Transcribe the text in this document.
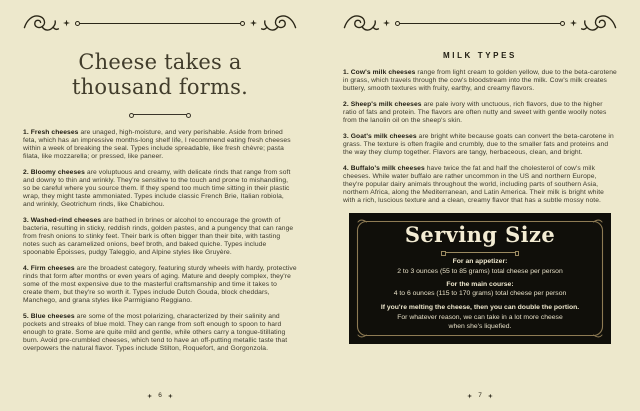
Cheese takes a
thousand forms.

1. Fresh cheeses are unaged, high-moisture, and very perishable. Aside from brined feta, which has an impressive months-long shelf life, I recommend eating fresh cheeses within a week of breaking the seal. Types include spreadable, like fresh chèvre; pasta filata, like mozzarella; or pressed, like paneer.

2. Bloomy cheeses are voluptuous and creamy, with delicate rinds that range from soft and downy to thin and wrinkly. They're sensitive to the touch and prone to mishandling, so be careful where you source them. If they spend too much time sitting in their plastic wrap, they might taste ammoniated. Types include classic French Brie, Italian robiola, and wrinkly, Geotrichum rinds, like Chabichou.

3. Washed-rind cheeses are bathed in brines or alcohol to encourage the growth of bacteria, resulting in sticky, reddish rinds, golden pastes, and a pungency that can range from fresh onions to stinky feet. Their bark is often bigger than their bite, with tasting notes such as caramelized onions, beef broth, and baked quiche. Types include spoonable Époisses, pudgy Taleggio, and Alpine styles like Gruyère.

4. Firm cheeses are the broadest category, featuring sturdy wheels with hardy, protective rinds that form after months or even years of aging. Mature and deeply complex, they're some of the most expensive due to the masterful craftsmanship and time it takes to create them, but they're so worth it. Types include Dutch Gouda, block cheddars, Manchego, and grana styles like Parmigiano Reggiano.

5. Blue cheeses are some of the most polarizing, characterized by their salinity and pockets and streaks of blue mold. They can range from soft enough to spoon to hard enough to grate. Some are quite mild and gentle, while others carry a tongue-titillating burn. Avoid pre-crumbled cheeses, which tend to have an off-putting metallic taste that overpowers the natural flavor. Types include Stilton, Roquefort, and Gorgonzola.

6
MILK TYPES

1. Cow's milk cheeses range from light cream to golden yellow, due to the beta-carotene in grass, which travels through the cow's bloodstream into the milk. Cow's milk creates buttery, smooth textures with fruity, earthy, and creamy flavors.

2. Sheep's milk cheeses are pale ivory with unctuous, rich flavors, due to the higher ratio of fats and protein. The flavors are often nutty and sweet with gentle woolly notes from the lanolin oil on the sheep's skin.

3. Goat's milk cheeses are bright white because goats can convert the beta-carotene in grass. The texture is often fragile and crumbly, due to the smaller fats and proteins and the way they clump together. Flavors are tangy, herbaceous, clean, and bright.

4. Buffalo's milk cheeses have twice the fat and half the cholesterol of cow's milk cheeses. While water buffalo are rather uncommon in the US and northern Europe, they're popular dairy animals throughout the world, including parts of southern Asia, northern Africa, along the Mediterranean, and Latin America. Their milk is bright white with a rich, luscious texture and a clean, creamy flavor that has a subtle mossy note.

Serving Size
For an appetizer:
2 to 3 ounces (55 to 85 grams) total cheese per person
For the main course:
4 to 6 ounces (115 to 170 grams) total cheese per person
If you're melting the cheese, then you can double the portion.
For whatever reason, we can take in a lot more cheese
when she's liquefied.
7
